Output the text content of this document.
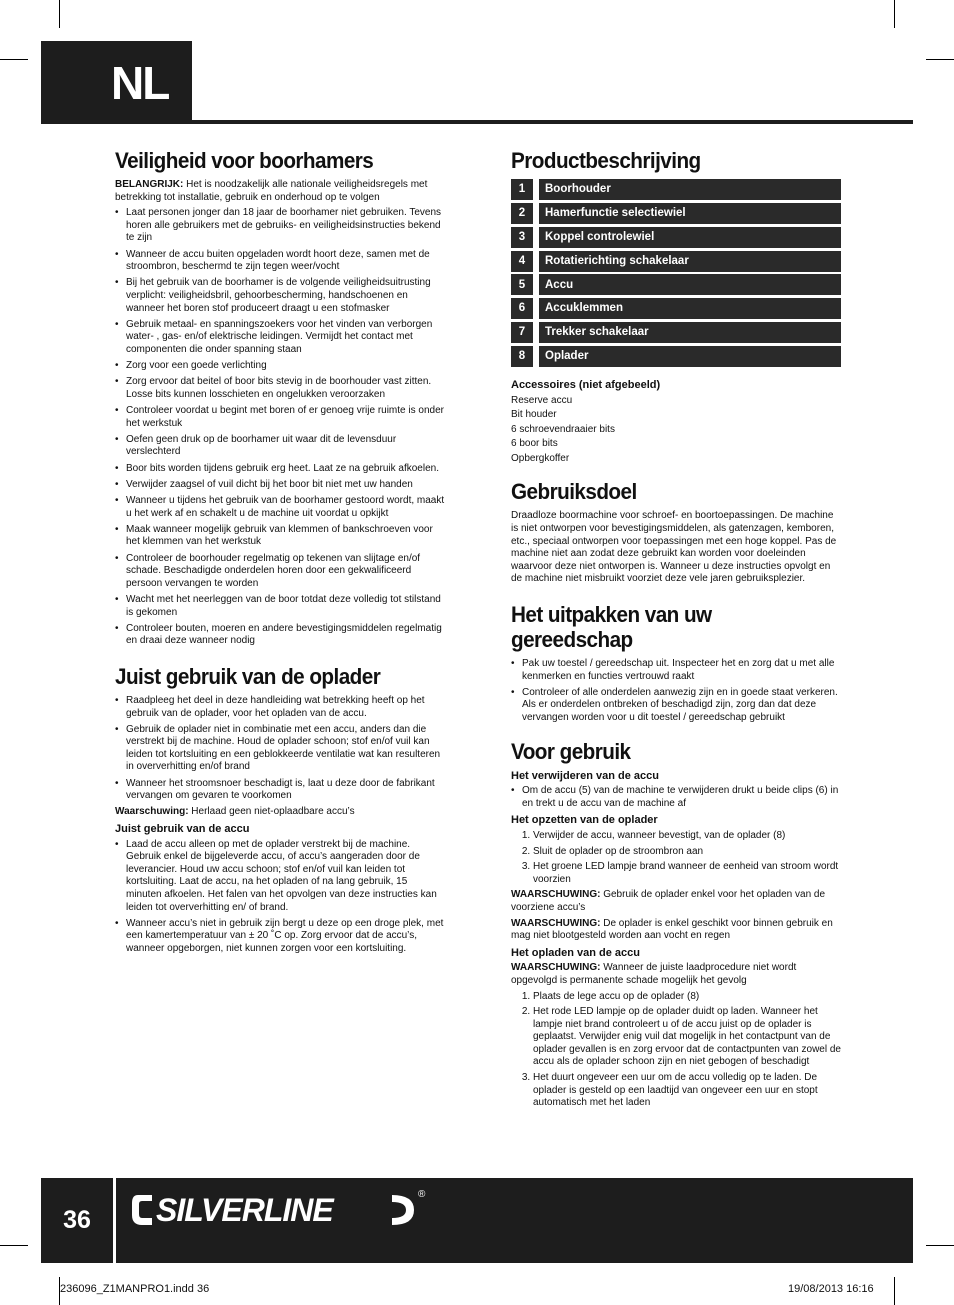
NL
Veiligheid voor boorhamers

BELANGRIJK: Het is noodzakelijk alle nationale veiligheidsregels met betrekking tot installatie, gebruik en onderhoud op te volgen

• Laat personen jonger dan 18 jaar de boorhamer niet gebruiken. Tevens horen alle gebruikers met de gebruiks- en veiligheidsinstructies bekend te zijn
• Wanneer de accu buiten opgeladen wordt hoort deze, samen met de stroombron, beschermd te zijn tegen weer/vocht
• Bij het gebruik van de boorhamer is de volgende veiligheidsuitrusting verplicht: veiligheidsbril, gehoorbescherming, handschoenen en wanneer het boren stof produceert draagt u een stofmasker
• Gebruik metaal- en spanningszoekers voor het vinden van verborgen water- , gas- en/of elektrische leidingen. Vermijdt het contact met componenten die onder spanning staan
• Zorg voor een goede verlichting
• Zorg ervoor dat beitel of boor bits stevig in de boorhouder vast zitten. Losse bits kunnen losschieten en ongelukken veroorzaken
• Controleer voordat u begint met boren of er genoeg vrije ruimte is onder het werkstuk
• Oefen geen druk op de boorhamer uit waar dit de levensduur verslechterd
• Boor bits worden tijdens gebruik erg heet. Laat ze na gebruik afkoelen.
• Verwijder zaagsel of vuil dicht bij het boor bit niet met uw handen
• Wanneer u tijdens het gebruik van de boorhamer gestoord wordt, maakt u het werk af en schakelt u de machine uit voordat u opkijkt
• Maak wanneer mogelijk gebruik van klemmen of bankschroeven voor het klemmen van het werkstuk
• Controleer de boorhouder regelmatig op tekenen van slijtage en/of schade. Beschadigde onderdelen horen door een gekwalificeerd persoon vervangen te worden
• Wacht met het neerleggen van de boor totdat deze volledig tot stilstand is gekomen
• Controleer bouten, moeren en andere bevestigingsmiddelen regelmatig en draai deze wanneer nodig
Juist gebruik van de oplader
• Raadpleeg het deel in deze handleiding wat betrekking heeft op het gebruik van de oplader, voor het opladen van de accu.
• Gebruik de oplader niet in combinatie met een accu, anders dan die verstrekt bij de machine. Houd de oplader schoon; stof en/of vuil kan leiden tot kortsluiting en een geblokkeerde ventilatie wat kan resulteren in oververhitting en/of brand
• Wanneer het stroomsnoer beschadigt is, laat u deze door de fabrikant vervangen om gevaren te voorkomen

Waarschuwing: Herlaad geen niet-oplaadbare accu’s

Juist gebruik van de accu
• Laad de accu alleen op met de oplader verstrekt bij de machine. Gebruik enkel de bijgeleverde accu, of accu’s aangeraden door de leverancier. Houd uw accu schoon; stof en/of vuil kan leiden tot kortsluiting. Laat de accu, na het opladen of na lang gebruik, 15 minuten afkoelen. Het falen van het opvolgen van deze instructies kan leiden tot oververhitting en/ of brand.
• Wanneer accu’s niet in gebruik zijn bergt u deze op een droge plek, met een kamertemperatuur van ± 20 ˚C op. Zorg ervoor dat de accu’s, wanneer opgeborgen, niet kunnen zorgen voor een kortsluiting.
Productbeschrijving
1	Boorhouder
2	Hamerfunctie selectiewiel
3	Koppel controlewiel
4	Rotatierichting schakelaar
5	Accu
6	Accuklemmen
7	Trekker schakelaar
8	Oplader
Accessoires (niet afgebeeld)

Reserve accu

Bit houder

6 schroevendraaier bits

6 boor bits

Opbergkoffer

Gebruiksdoel

Draadloze boormachine voor schroef- en boortoepassingen. De machine is niet ontworpen voor bevestigingsmiddelen, als gatenzagen, kemboren, etc., speciaal ontworpen voor toepassingen met een hoge koppel. Pas de machine niet aan zodat deze gebruikt kan worden voor doeleinden waarvoor deze niet ontworpen is. Wanneer u deze instructies opvolgt en de machine niet misbruikt voorziet deze vele jaren gebruiksplezier.

Het uitpakken van uw gereedschap
• Pak uw toestel / gereedschap uit. Inspecteer het en zorg dat u met alle kenmerken en functies vertrouwd raakt
• Controleer of alle onderdelen aanwezig zijn en in goede staat verkeren. Als er onderdelen ontbreken of beschadigd zijn, zorg dan dat deze vervangen worden voor u dit toestel / gereedschap gebruikt
Voor gebruik
Het verwijderen van de accu
• Om de accu (5) van de machine te verwijderen drukt u beide clips (6) in en trekt u de accu van de machine af
Het opzetten van de oplader
1. Verwijder de accu, wanneer bevestigt, van de oplader (8)
2. Sluit de oplader op de stroombron aan
3. Het groene LED lampje brand wanneer de eenheid van stroom wordt voorzien

WAARSCHUWING: Gebruik de oplader enkel voor het opladen van de voorziene accu’s

WAARSCHUWING: De oplader is enkel geschikt voor binnen gebruik en mag niet blootgesteld worden aan vocht en regen

Het opladen van de accu

WAARSCHUWING: Wanneer de juiste laadprocedure niet wordt opgevolgd is permanente schade mogelijk het gevolg

1. Plaats de lege accu op de oplader (8)
2. Het rode LED lampje op de oplader duidt op laden. Wanneer het lampje niet brand controleert u of de accu juist op de oplader is geplaatst. Verwijder enig vuil dat mogelijk in het contactpunt van de oplader gevallen is en zorg ervoor dat de contactpunten van zowel de accu als de oplader schoon zijn en niet gebogen of beschadigt
3. Het duurt ongeveer een uur om de accu volledig op te laden. De oplader is gesteld op een laadtijd van ongeveer een uur en stopt automatisch met het laden
36	SILVERLINE	®
236096_Z1MANPRO1.indd 36	19/08/2013 16:16
